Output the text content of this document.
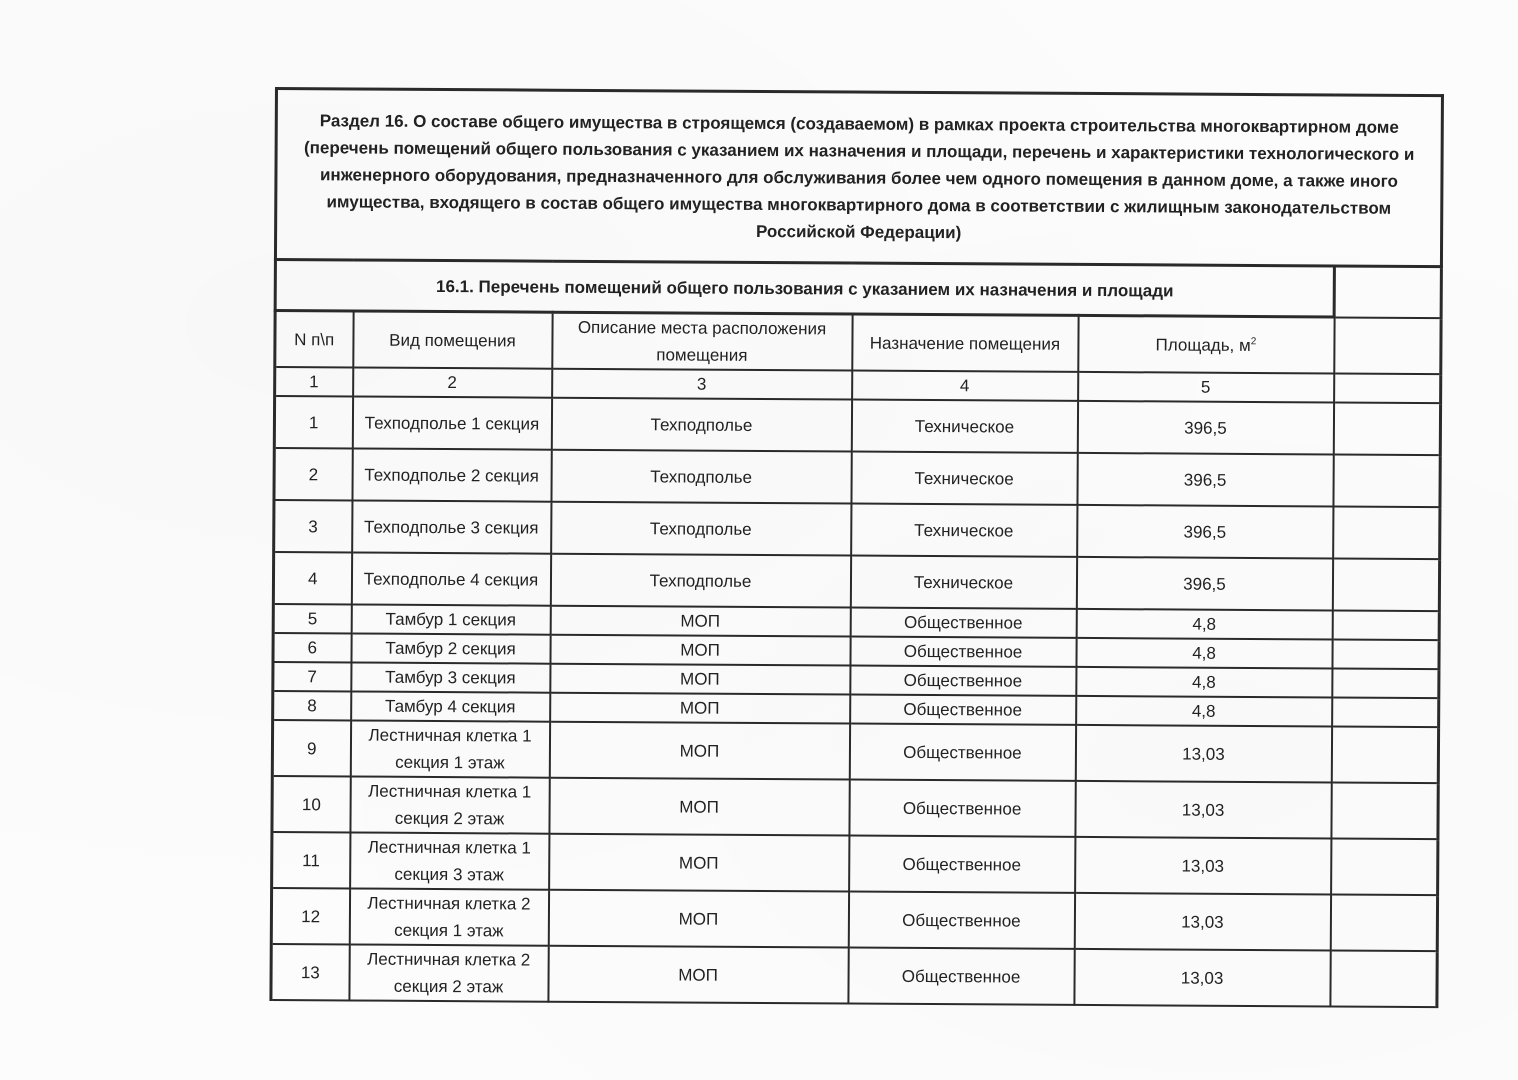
Раздел 16. О составе общего имущества в строящемся (создаваемом) в рамках проекта строительства многоквартирном доме (перечень помещений общего пользования с указанием их назначения и площади, перечень и характеристики технологического и инженерного оборудования, предназначенного для обслуживания более чем одного помещения в данном доме, а также иного имущества, входящего в состав общего имущества многоквартирного дома в соответствии с жилищным законодательством Российской Федерации)					
16.1. Перечень помещений общего пользования с указанием их назначения и площади					
N п\п	Вид помещения	Описание места расположения помещения	Назначение помещения	Площадь, $м^2$	
1	2	3	4	5	
1	Техподполье 1 секция	Техподполье	Техническое	396,5	
2	Техподполье 2 секция	Техподполье	Техническое	396,5	
3	Техподполье 3 секция	Техподполье	Техническое	396,5	
4	Техподполье 4 секция	Техподполье	Техническое	396,5	
5	Тамбур 1 секция	МОП	Общественное	4,8	
6	Тамбур 2 секция	МОП	Общественное	4,8	
7	Тамбур 3 секция	МОП	Общественное	4,8	
8	Тамбур 4 секция	МОП	Общественное	4,8	
9	Лестничная клетка 1 секция 1 этаж	МОП	Общественное	13,03	
10	Лестничная клетка 1 секция 2 этаж	МОП	Общественное	13,03	
11	Лестничная клетка 1 секция 3 этаж	МОП	Общественное	13,03	
12	Лестничная клетка 2 секция 1 этаж	МОП	Общественное	13,03	
13	Лестничная клетка 2 секция 2 этаж	МОП	Общественное	13,03	
